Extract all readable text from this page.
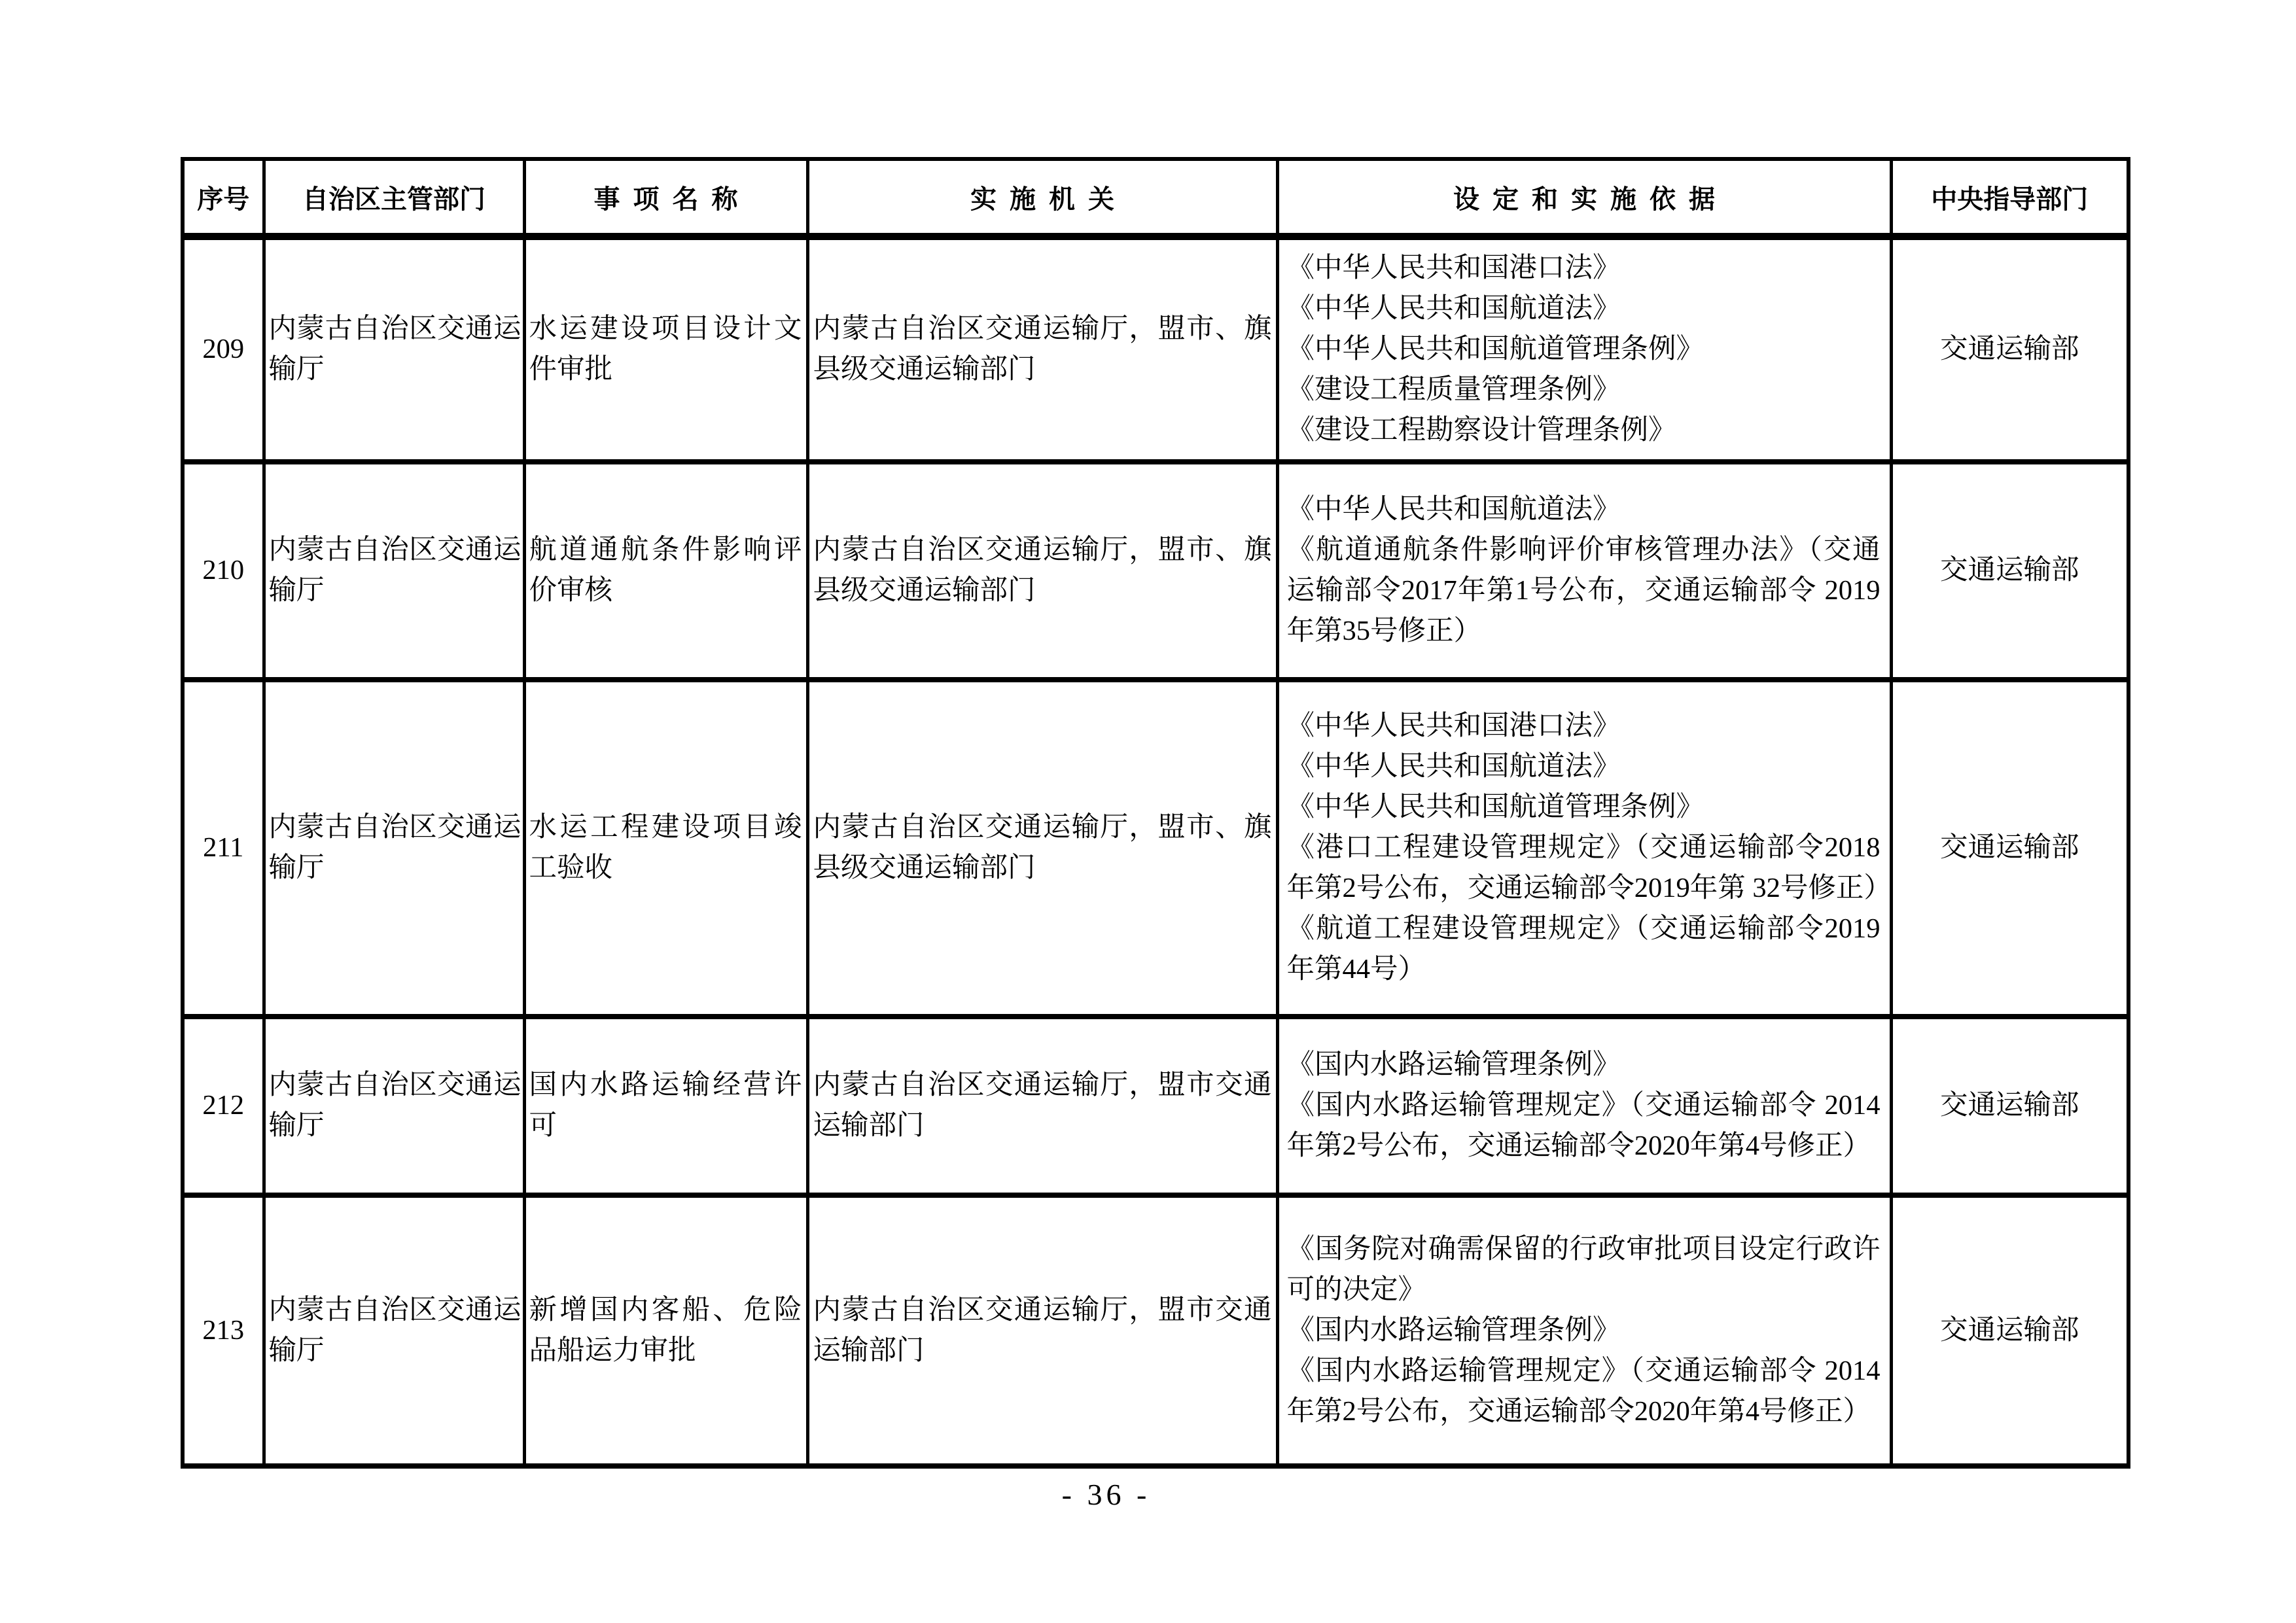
序号	自治区主管部门	事 项 名 称	实 施 机 关	设 定 和 实 施 依 据	中央指导部门
209	内蒙古自治区交通运输厅	水运建设项目设计文件审批	内蒙古自治区交通运输厅，盟市、旗县级交通运输部门	《中华人民共和国港口法》
《中华人民共和国航道法》
《中华人民共和国航道管理条例》
《建设工程质量管理条例》
《建设工程勘察设计管理条例》	交通运输部
210	内蒙古自治区交通运输厅	航道通航条件影响评价审核	内蒙古自治区交通运输厅，盟市、旗县级交通运输部门	《中华人民共和国航道法》
《航道通航条件影响评价审核管理办法》（交通运输部令2017年第1号公布，交通运输部令 2019年第35号修正）	交通运输部
211	内蒙古自治区交通运输厅	水运工程建设项目竣工验收	内蒙古自治区交通运输厅，盟市、旗县级交通运输部门	《中华人民共和国港口法》
《中华人民共和国航道法》
《中华人民共和国航道管理条例》
《港口工程建设管理规定》（交通运输部令2018年第2号公布，交通运输部令2019年第 32号修正）
《航道工程建设管理规定》（交通运输部令2019年第44号）	交通运输部
212	内蒙古自治区交通运输厅	国内水路运输经营许可	内蒙古自治区交通运输厅，盟市交通运输部门	《国内水路运输管理条例》
《国内水路运输管理规定》（交通运输部令 2014年第2号公布，交通运输部令2020年第4号修正）	交通运输部
213	内蒙古自治区交通运输厅	新增国内客船、危险品船运力审批	内蒙古自治区交通运输厅，盟市交通运输部门	《国务院对确需保留的行政审批项目设定行政许可的决定》
《国内水路运输管理条例》
《国内水路运输管理规定》（交通运输部令 2014年第2号公布，交通运输部令2020年第4号修正）	交通运输部
- 36 -
